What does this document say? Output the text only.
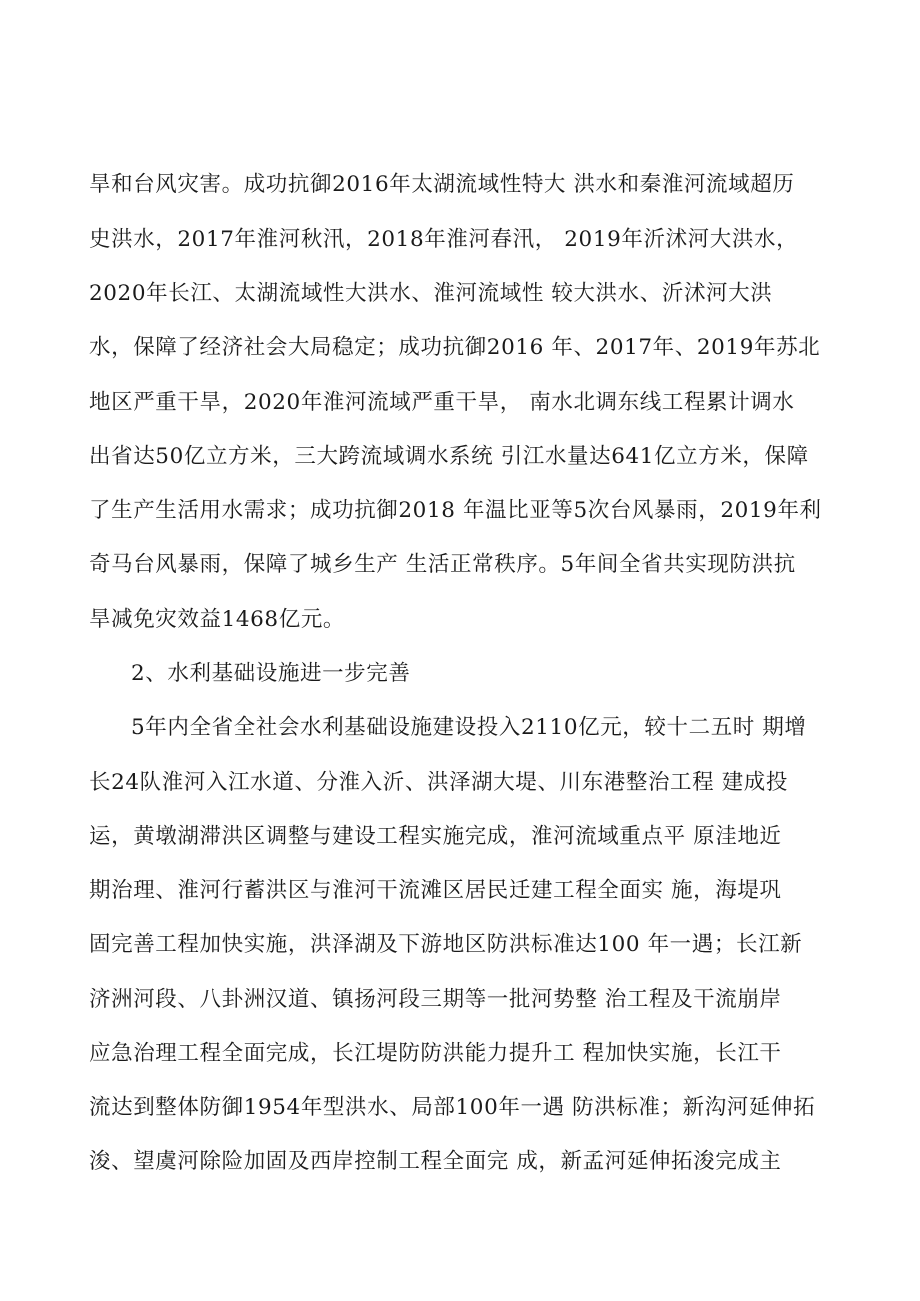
旱和台风灾害。成功抗御2016年太湖流域性特大 洪水和秦淮河流域超历
史洪水，2017年淮河秋汛，2018年淮河春汛， 2019年沂沭河大洪水，
2020年长江、太湖流域性大洪水、淮河流域性 较大洪水、沂沭河大洪
水，保障了经济社会大局稳定；成功抗御2016 年、2017年、2019年苏北
地区严重干旱，2020年淮河流域严重干旱， 南水北调东线工程累计调水
出省达50亿立方米，三大跨流域调水系统 引江水量达641亿立方米，保障
了生产生活用水需求；成功抗御2018 年温比亚等5次台风暴雨，2019年利
奇马台风暴雨，保障了城乡生产 生活正常秩序。5年间全省共实现防洪抗
旱减免灾效益1468亿元。
2、水利基础设施进一步完善
5年内全省全社会水利基础设施建设投入2110亿元，较十二五时 期增
长24队淮河入江水道、分淮入沂、洪泽湖大堤、川东港整治工程 建成投
运，黄墩湖滞洪区调整与建设工程实施完成，淮河流域重点平 原洼地近
期治理、淮河行蓄洪区与淮河干流滩区居民迁建工程全面实 施，海堤巩
固完善工程加快实施，洪泽湖及下游地区防洪标准达100 年一遇；长江新
济洲河段、八卦洲汉道、镇扬河段三期等一批河势整 治工程及干流崩岸
应急治理工程全面完成，长江堤防防洪能力提升工 程加快实施，长江干
流达到整体防御1954年型洪水、局部100年一遇 防洪标准；新沟河延伸拓
浚、望虞河除险加固及西岸控制工程全面完 成，新孟河延伸拓浚完成主
